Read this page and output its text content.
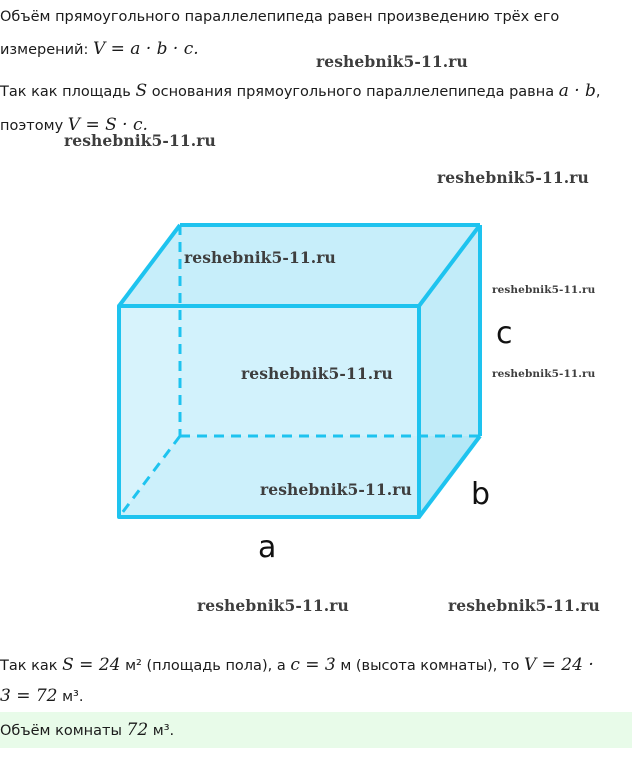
Объём прямоугольного параллелепипеда равен произведению трёх его
измерений: V = a · b · c.
Так как площадь S основания прямоугольного параллелепипеда равна a · b,
поэтому V = S · c.
a
b
c
reshebnik5-11.ru
reshebnik5-11.ru
reshebnik5-11.ru
reshebnik5-11.ru
reshebnik5-11.ru
reshebnik5-11.ru	reshebnik5-11.ru
reshebnik5-11.ru
reshebnik5-11.ru	reshebnik5-11.ru
Так как S = 24 м² (площадь пола), а c = 3 м (высота комнаты), то V = 24 ·
3 = 72 м³.
Объём комнаты 72 м³.
